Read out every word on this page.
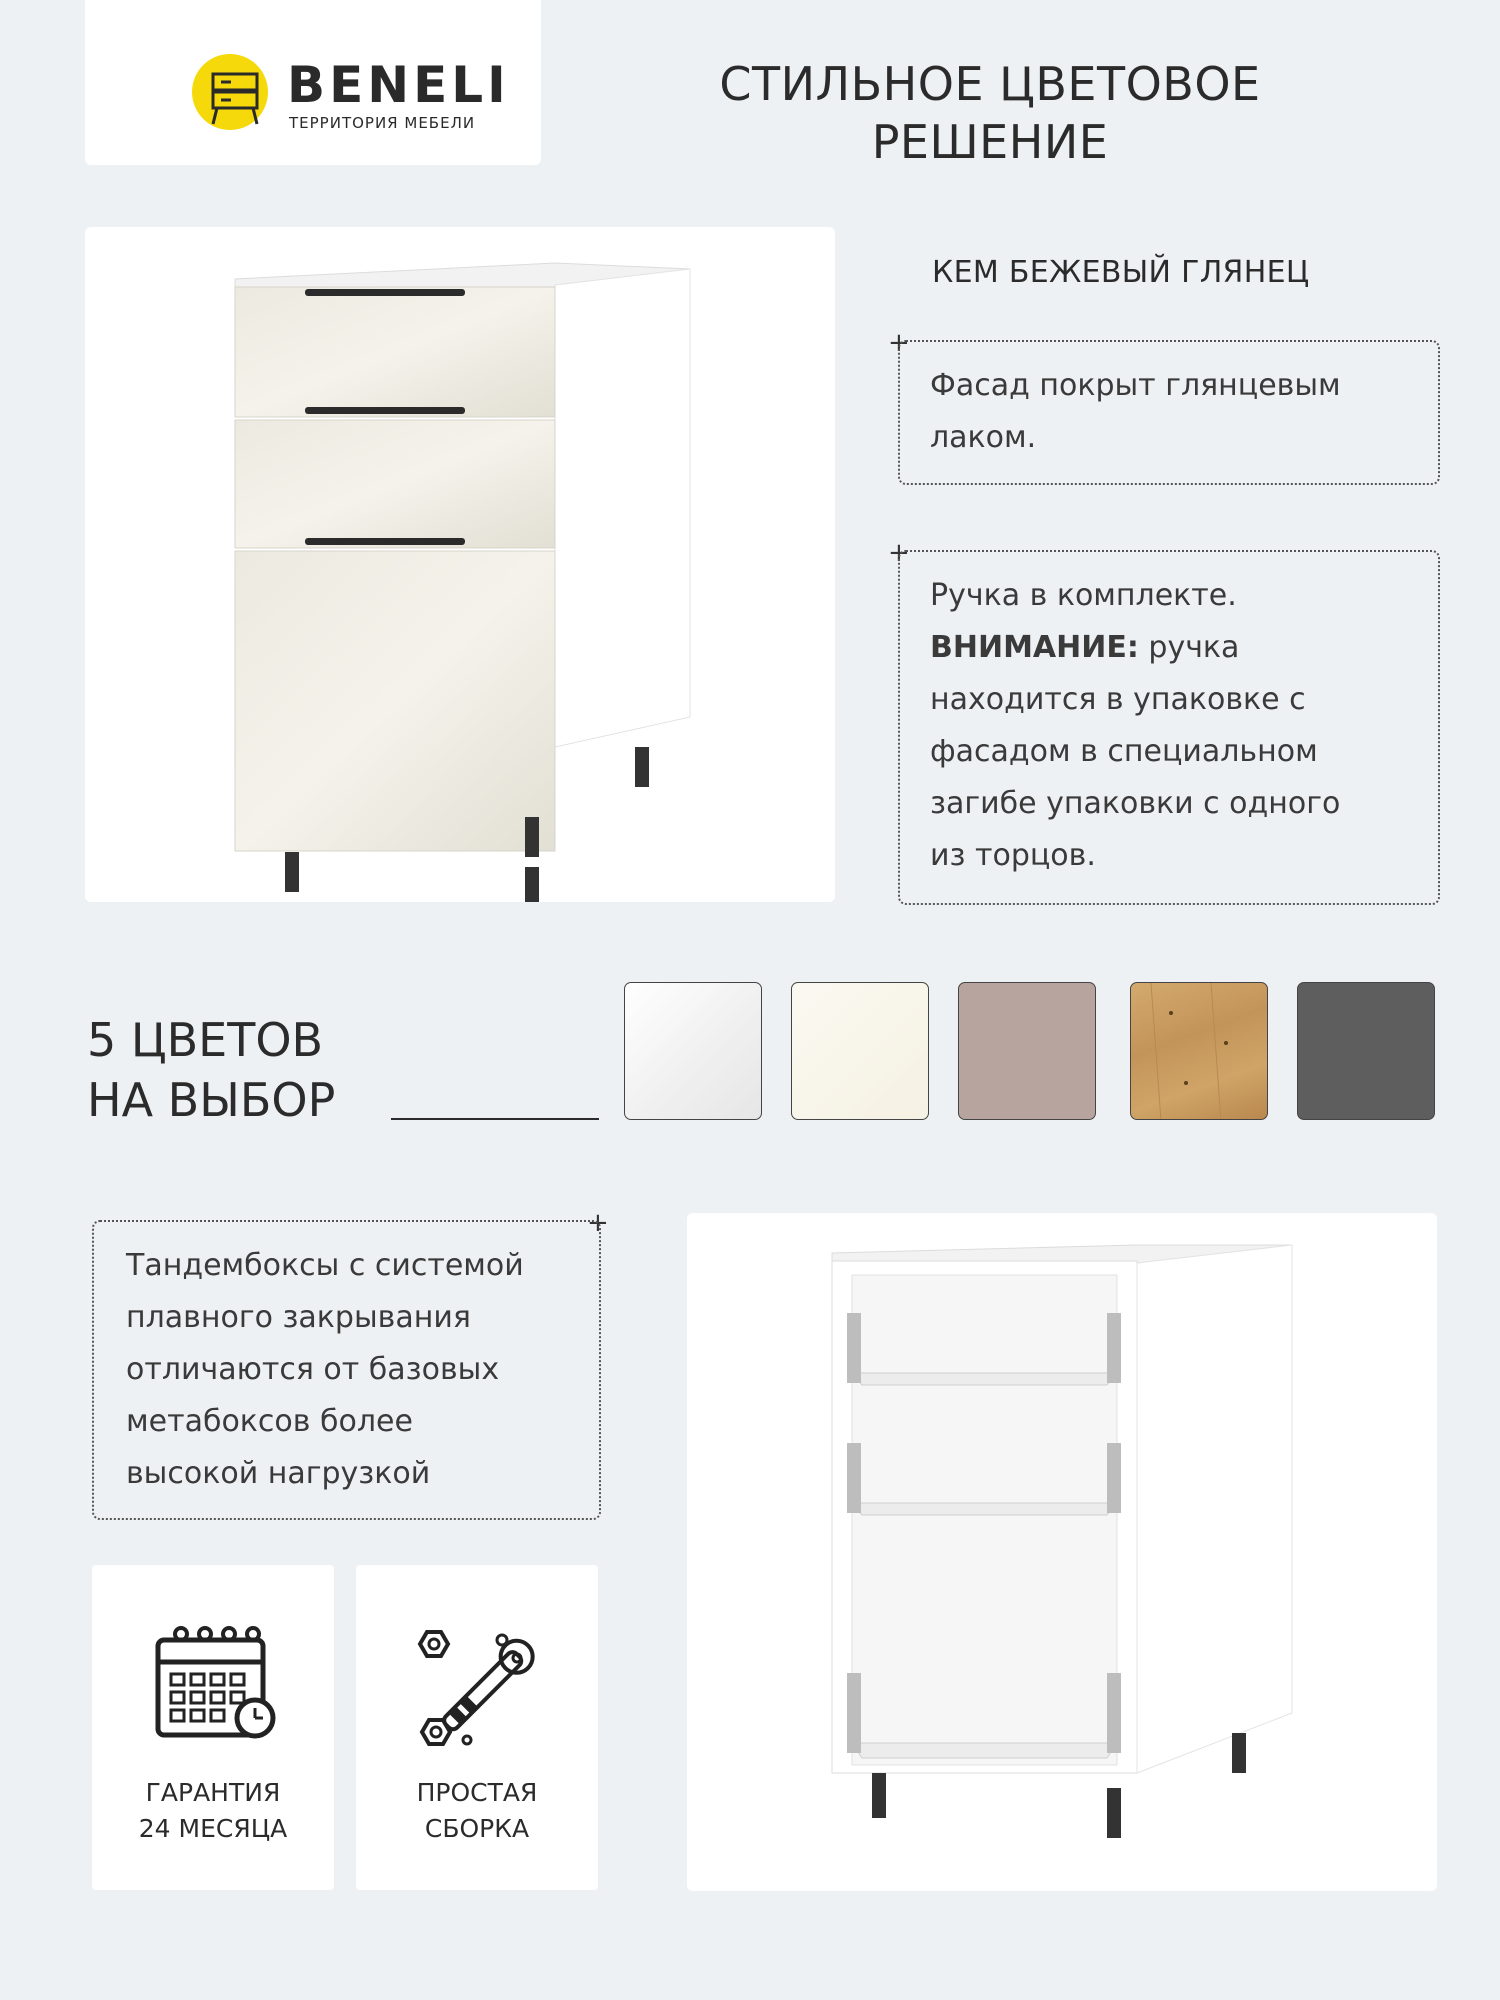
BENELI
ТЕРРИТОРИЯ МЕБЕЛИ
СТИЛЬНОЕ ЦВЕТОВОЕ
РЕШЕНИЕ
КЕМ БЕЖЕВЫЙ ГЛЯНЕЦ
+
Фасад покрыт глянцевым
лаком.
+
Ручка в комплекте.
ВНИМАНИЕ: ручка
находится в упаковке с
фасадом в специальном
загибе упаковки с одного
из торцов.
5 ЦВЕТОВ
НА ВЫБОР
+
Тандембоксы с системой
плавного закрывания
отличаются от базовых
метабоксов более
высокой нагрузкой
ГАРАНТИЯ
24 МЕСЯЦА
ПРОСТАЯ
СБОРКА
